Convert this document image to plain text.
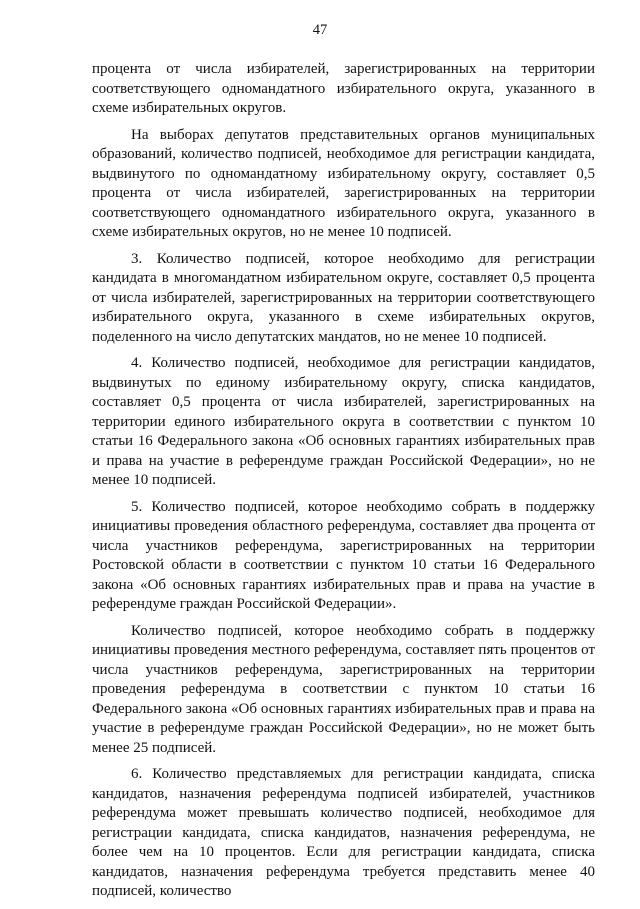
47

процента от числа избирателей, зарегистрированных на территории соответствующего одномандатного избирательного округа, указанного в схеме избирательных округов.

На выборах депутатов представительных органов муниципальных образований, количество подписей, необходимое для регистрации кандидата, выдвинутого по одномандатному избирательному округу, составляет 0,5 процента от числа избирателей, зарегистрированных на территории соответствующего одномандатного избирательного округа, указанного в схеме избирательных округов, но не менее 10 подписей.

3. Количество подписей, которое необходимо для регистрации кандидата в многомандатном избирательном округе, составляет 0,5 процента от числа избирателей, зарегистрированных на территории соответствующего избирательного округа, указанного в схеме избирательных округов, поделенного на число депутатских мандатов, но не менее 10 подписей.

4. Количество подписей, необходимое для регистрации кандидатов, выдвинутых по единому избирательному округу, списка кандидатов, составляет 0,5 процента от числа избирателей, зарегистрированных на территории единого избирательного округа в соответствии с пунктом 10 статьи 16 Федерального закона «Об основных гарантиях избирательных прав и права на участие в референдуме граждан Российской Федерации», но не менее 10 подписей.

5. Количество подписей, которое необходимо собрать в поддержку инициативы проведения областного референдума, составляет два процента от числа участников референдума, зарегистрированных на территории Ростовской области в соответствии с пунктом 10 статьи 16 Федерального закона «Об основных гарантиях избирательных прав и права на участие в референдуме граждан Российской Федерации».

Количество подписей, которое необходимо собрать в поддержку инициативы проведения местного референдума, составляет пять процентов от числа участников референдума, зарегистрированных на территории проведения референдума в соответствии с пунктом 10 статьи 16 Федерального закона «Об основных гарантиях избирательных прав и права на участие в референдуме граждан Российской Федерации», но не может быть менее 25 подписей.

6. Количество представляемых для регистрации кандидата, списка кандидатов, назначения референдума подписей избирателей, участников референдума может превышать количество подписей, необходимое для регистрации кандидата, списка кандидатов, назначения референдума, не более чем на 10 процентов. Если для регистрации кандидата, списка кандидатов, назначения референдума требуется представить менее 40 подписей, количество
